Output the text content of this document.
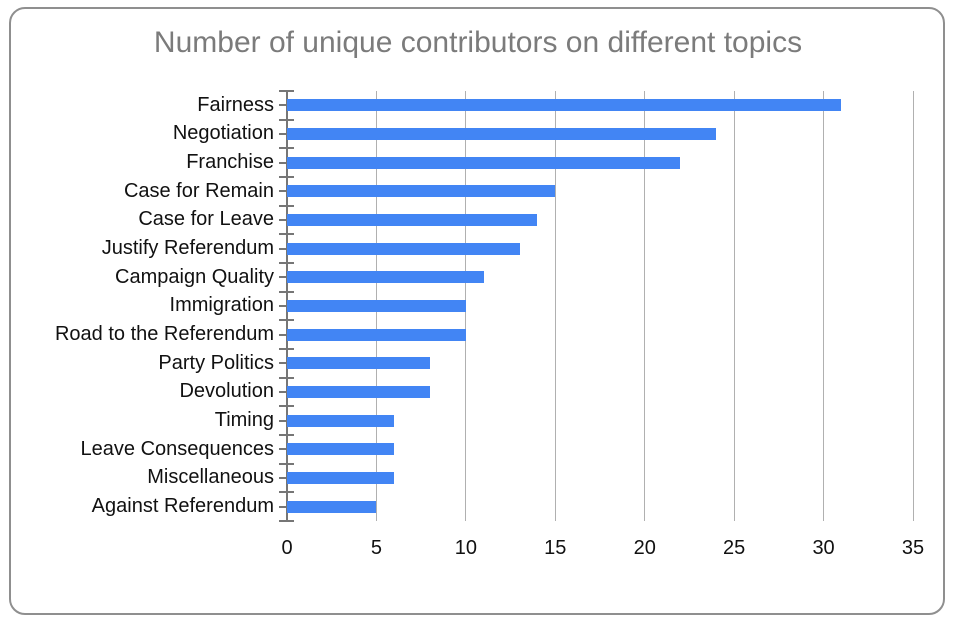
Number of unique contributors on different topics
Fairness
Negotiation
Franchise
Case for Remain
Case for Leave
Justify Referendum
Campaign Quality
Immigration
Road to the Referendum
Party Politics
Devolution
Timing
Leave Consequences
Miscellaneous
Against Referendum
0	5	10	15	20	25	30	35
